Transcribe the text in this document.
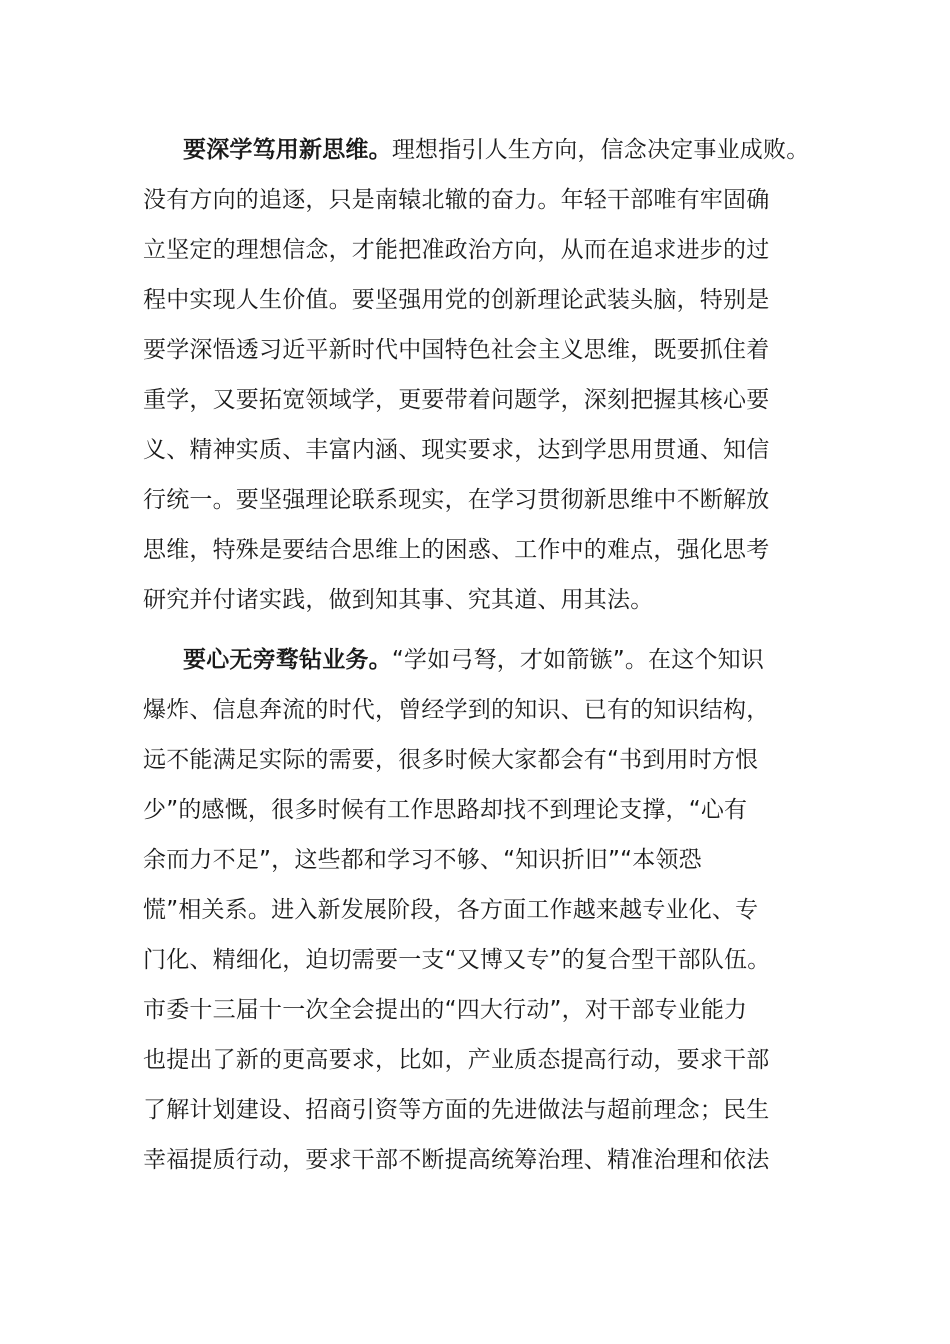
要深学笃用新思维。理想指引人生方向，信念决定事业成败。
没有方向的追逐，只是南辕北辙的奋力。年轻干部唯有牢固确
立坚定的理想信念，才能把准政治方向，从而在追求进步的过
程中实现人生价值。要坚强用党的创新理论武装头脑，特别是
要学深悟透习近平新时代中国特色社会主义思维，既要抓住着
重学，又要拓宽领域学，更要带着问题学，深刻把握其核心要
义、精神实质、丰富内涵、现实要求，达到学思用贯通、知信
行统一。要坚强理论联系现实，在学习贯彻新思维中不断解放
思维，特殊是要结合思维上的困惑、工作中的难点，强化思考
研究并付诸实践，做到知其事、究其道、用其法。
要心无旁骛钻业务。“学如弓弩，才如箭镞”。在这个知识
爆炸、信息奔流的时代，曾经学到的知识、已有的知识结构，
远不能满足实际的需要，很多时候大家都会有“书到用时方恨
少”的感慨，很多时候有工作思路却找不到理论支撑，“心有
余而力不足”，这些都和学习不够、“知识折旧”“本领恐
慌”相关系。进入新发展阶段，各方面工作越来越专业化、专
门化、精细化，迫切需要一支“又博又专”的复合型干部队伍。
市委十三届十一次全会提出的“四大行动”，对干部专业能力
也提出了新的更高要求，比如，产业质态提高行动，要求干部
了解计划建设、招商引资等方面的先进做法与超前理念；民生
幸福提质行动，要求干部不断提高统筹治理、精准治理和依法
